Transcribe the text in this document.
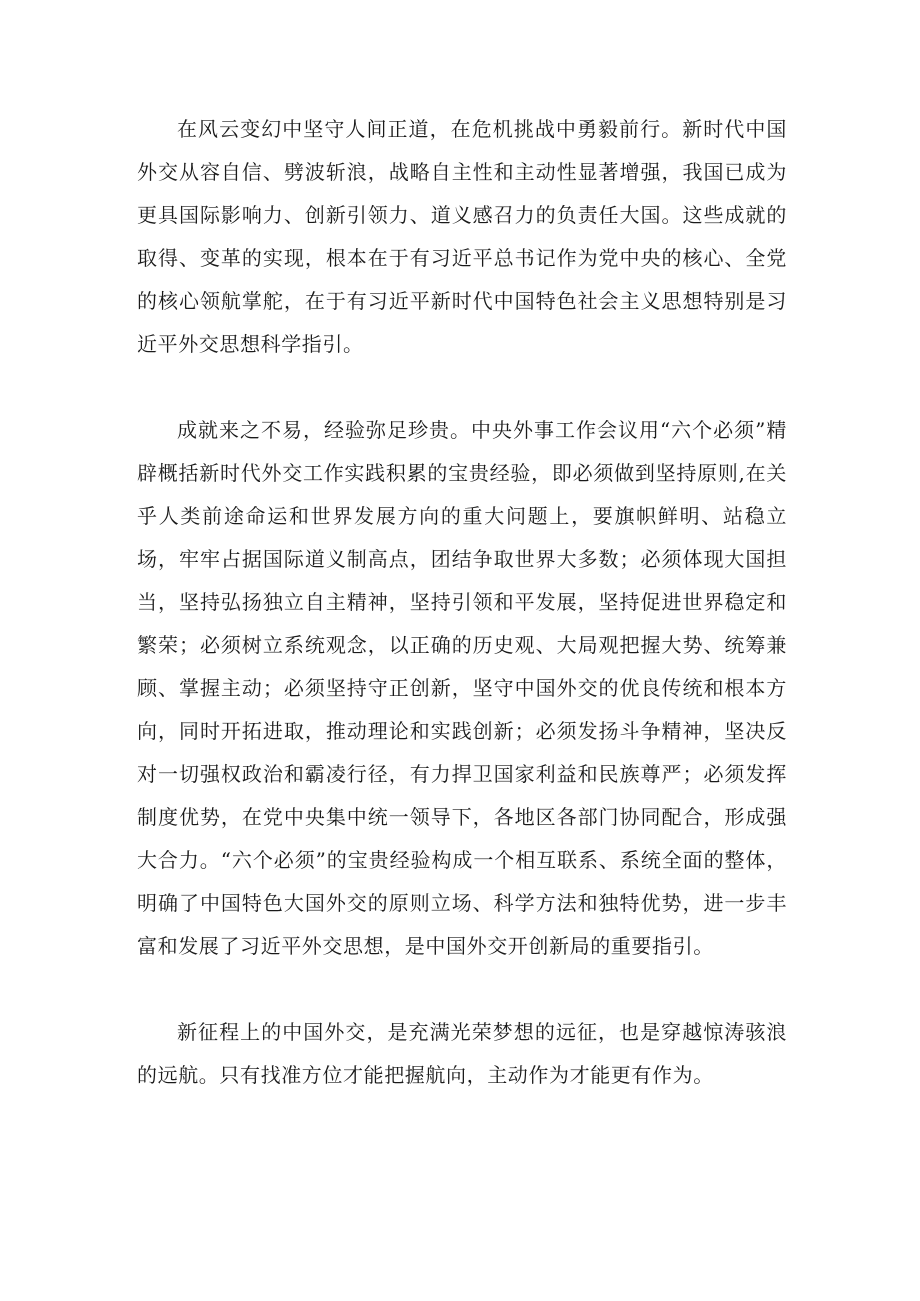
在风云变幻中坚守人间正道，在危机挑战中勇毅前行。新时代中国外交从容自信、劈波斩浪，战略自主性和主动性显著增强，我国已成为更具国际影响力、创新引领力、道义感召力的负责任大国。这些成就的取得、变革的实现，根本在于有习近平总书记作为党中央的核心、全党的核心领航掌舵，在于有习近平新时代中国特色社会主义思想特别是习近平外交思想科学指引。

成就来之不易，经验弥足珍贵。中央外事工作会议用“六个必须”精辟概括新时代外交工作实践积累的宝贵经验，即必须做到坚持原则,在关乎人类前途命运和世界发展方向的重大问题上，要旗帜鲜明、站稳立场，牢牢占据国际道义制高点，团结争取世界大多数；必须体现大国担当，坚持弘扬独立自主精神，坚持引领和平发展，坚持促进世界稳定和繁荣；必须树立系统观念，以正确的历史观、大局观把握大势、统筹兼顾、掌握主动；必须坚持守正创新，坚守中国外交的优良传统和根本方向，同时开拓进取，推动理论和实践创新；必须发扬斗争精神，坚决反对一切强权政治和霸凌行径，有力捍卫国家利益和民族尊严；必须发挥制度优势，在党中央集中统一领导下，各地区各部门协同配合，形成强大合力。“六个必须”的宝贵经验构成一个相互联系、系统全面的整体，明确了中国特色大国外交的原则立场、科学方法和独特优势，进一步丰富和发展了习近平外交思想，是中国外交开创新局的重要指引。

新征程上的中国外交，是充满光荣梦想的远征，也是穿越惊涛骇浪的远航。只有找准方位才能把握航向，主动作为才能更有作为。
